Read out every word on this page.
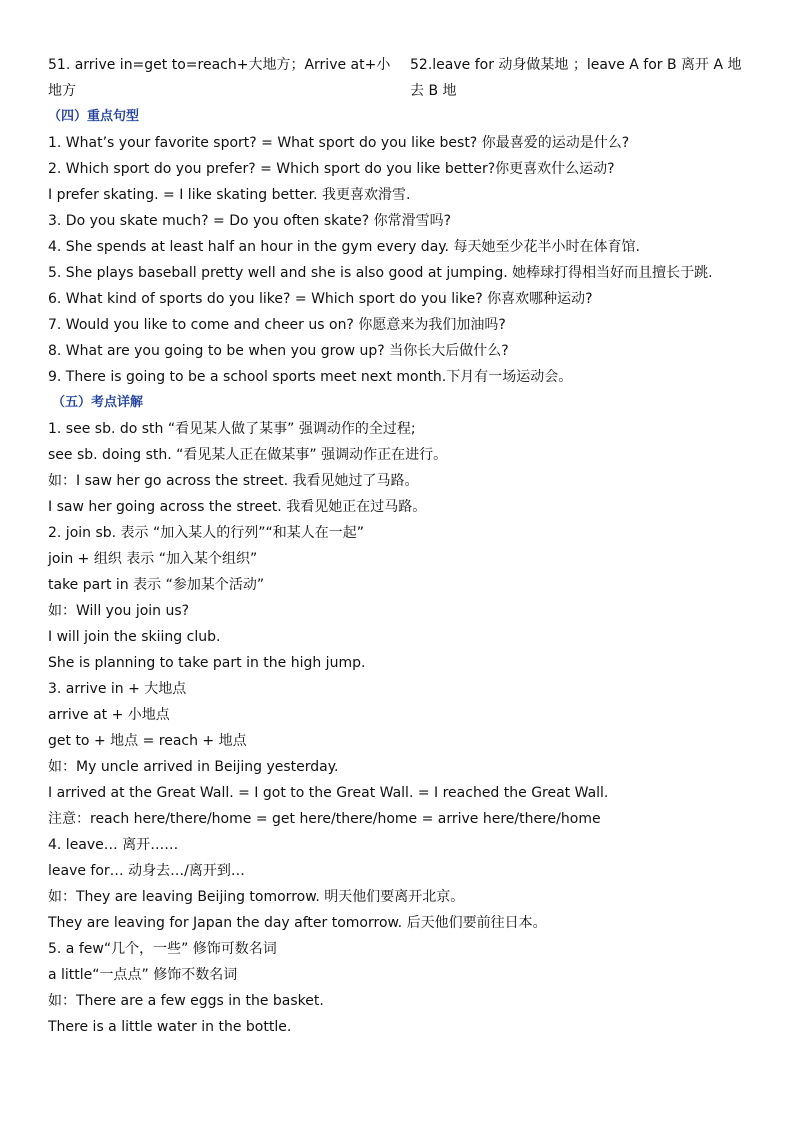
51. arrive in=get to=reach+大地方；Arrive at+小地方
52.leave for 动身做某地 ；leave A for B 离开 A 地去 B 地
（四）重点句型
1. What’s your favorite sport? = What sport do you like best? 你最喜爱的运动是什么?
2. Which sport do you prefer? = Which sport do you like better?你更喜欢什么运动?
I prefer skating. = I like skating better. 我更喜欢滑雪.
3. Do you skate much? = Do you often skate? 你常滑雪吗?
4. She spends at least half an hour in the gym every day. 每天她至少花半小时在体育馆.
5. She plays baseball pretty well and she is also good at jumping. 她棒球打得相当好而且擅长于跳.
6. What kind of sports do you like? = Which sport do you like? 你喜欢哪种运动?
7. Would you like to come and cheer us on? 你愿意来为我们加油吗?
8. What are you going to be when you grow up? 当你长大后做什么?
9. There is going to be a school sports meet next month.下月有一场运动会。
（五）考点详解
1. see sb. do sth “看见某人做了某事” 强调动作的全过程;
see sb. doing sth. “看见某人正在做某事” 强调动作正在进行。
如：I saw her go across the street. 我看见她过了马路。
I saw her going across the street. 我看见她正在过马路。
2. join sb. 表示 “加入某人的行列”“和某人在一起”
join + 组织 表示 “加入某个组织”
take part in 表示 “参加某个活动”
如：Will you join us?
I will join the skiing club.
She is planning to take part in the high jump.
3. arrive in + 大地点
arrive at + 小地点
get to + 地点 = reach + 地点
如：My uncle arrived in Beijing yesterday.
I arrived at the Great Wall. = I got to the Great Wall. = I reached the Great Wall.
注意：reach here/there/home = get here/there/home = arrive here/there/home
4. leave… 离开……
leave for… 动身去…/离开到…
如：They are leaving Beijing tomorrow. 明天他们要离开北京。
They are leaving for Japan the day after tomorrow. 后天他们要前往日本。
5. a few“几个，一些” 修饰可数名词
a little“一点点” 修饰不数名词
如：There are a few eggs in the basket.
There is a little water in the bottle.
